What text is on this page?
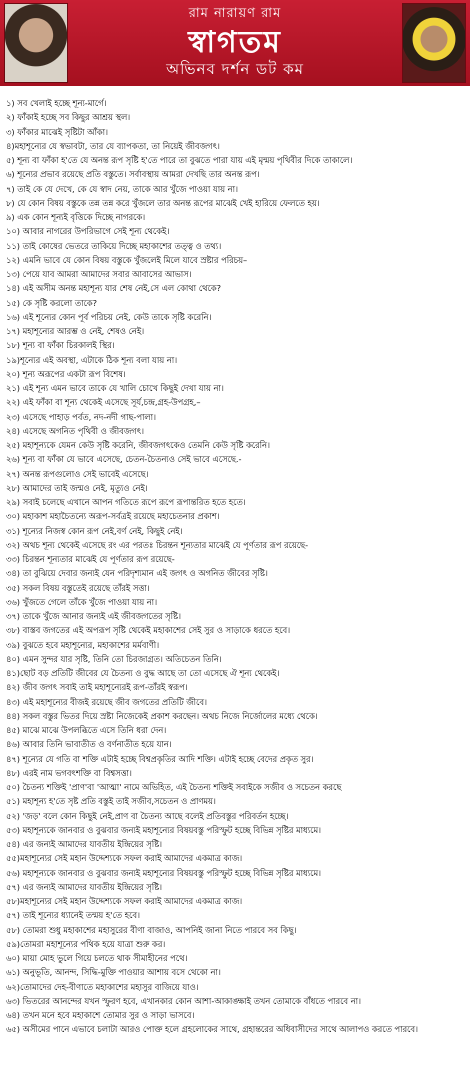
রাম নারায়ণ রাম
স্বাগতম
অভিনব দর্শন ডট কম
১) সব খেলাই হচ্ছে শূন্য-মার্গে।
২) ফাঁকাই হচ্ছে সব কিছুর আশ্রয় স্থল।
৩) ফাঁকার মাঝেই সৃষ্টিটা আঁকা।
৪)মহাশূন্যের যে স্বভাবটা, তার যে ব্যাপকতা, তা নিয়েই জীবজগৎ।
৫) শূন্য বা ফাঁকা হ'তে যে অনন্ত রূপ সৃষ্টি হ'তে পারে তা বুঝতে পারা যায় এই মৃন্ময় পৃথিবীর দিকে তাকালে।
৬) শূন্যের প্রভাব রয়েছে প্রতি বস্তুতে। সর্বাবস্থায় আমরা দেখছি তার অনন্ত রূপ।
৭) তাই কে যে দেখে, কে যে স্বাদ নেয়, তাকে আর খুঁজে পাওয়া যায় না।
৮) যে কোন বিষয় বস্তুকে তন্ন তন্ন করে খুঁজলে তার অনন্ত রূপের মাঝেই খেই হারিয়ে ফেলতে হয়।
৯) এক কোন শূন্যই বৃত্তিকে দিচ্ছে নাগরকে।
১০) আবার নাগরের উপরিভাগে সেই শূন্য থেকেই।
১১) তাই কোষের ভেতরে তাকিয়ে দিচ্ছে মহাকাশের তত্ত্ব ও তথ্য।
১২) এমনি ভাবে যে কোন বিষয় বস্তুকে খুঁজলেই মিলে যাবে স্রষ্টার পরিচয়–
১৩) পেয়ে যাব আমরা আমাদের সবার আবাসের আভাস।
১৪) এই অসীম অনন্ত মহাশূন্য যার শেষ নেই,সে এল কোথা থেকে?
১৫) কে সৃষ্টি করলো তাকে?
১৬) এই শূন্যের কোন পূর্ব পরিচয় নেই, কেউ তাকে সৃষ্টি করেনি।
১৭) মহাশূন্যের আরম্ভ ও নেই, শেষও নেই।
১৮) শূন্য বা ফাঁকা চিরকালই স্থির।
১৯)শূন্যের এই অবস্থা, এটাকে ঠিক শূন্য বলা যায় না।
২০) শূন্য অরূপের একটা রূপ বিশেষ।
২১) এই শূন্য এমন ভাবে তাকে যে খালি চোখে কিছুই দেখা যায় না।
২২) এই ফাঁকা বা শূন্য থেকেই এসেছে সূর্য,চন্দ্র,গ্রহ-উপগ্রহ,–
২৩) এসেছে পাহাড় পর্বত, নদ-নদী গাছ-পালা।
২৪) এসেছে অগনিত পৃথিবী ও জীবজগৎ।
২৫) মহাশূন্যকে যেমন কেউ সৃষ্টি করেনি, জীবজগৎকেও তেমনি কেউ সৃষ্টি করেনি।
২৬) শূন্য বা ফাঁকা যে ভাবে এসেছে, চেতন-চৈতন্যও সেই ভাবে এসেছে.-
২৭) অনন্ত রূপগুলোও সেই ভাবেই এসেছে।
২৮) আমাদের তাই জন্মও নেই, মৃত্যুও নেই।
২৯) সবাই চলেছে এখানে আপন গতিতে রূপে রূপে রূপান্তরিত হতে হতে।
৩০) মহাকাশ মহাচৈতন্যে অরূপ-সর্বত্রই রয়েছে মহাচেতনার প্রকাশ।
৩১) শূন্যের নিজস্ব কোন রূপ নেই,বর্ণ নেই, কিছুই নেই।
৩২) অথচ শূন্য থেকেই এসেছে রং এর পরতঃ চিরন্তন শূন্যতার মাঝেই যে পূর্ণতার রূপ রয়েছে-
৩৩) চিরন্তন শূন্যতার মাঝেই যে পূর্ণতার রূপ রয়েছে-
৩৪) তা বুঝিয়ে দেবার জন্যই যেন পরিদৃশ্যমান এই জগৎ ও অগনিত জীবের সৃষ্টি।
৩৫) সকল বিষয় বস্তুতেই রয়েছে তাঁরই সত্তা।
৩৬) খুঁজতে গেলে তাঁকে খুঁজে পাওয়া যায় না।
৩৭) তাকে খুঁজে আনার জন্যই এই জীবজগতের সৃষ্টি।
৩৮) বাস্তব জগতের এই অপরূপ সৃষ্টি থেকেই মহাকাশের সেই সুর ও সাড়াকে ধরতে হবে।
৩৯) বুঝতে হবে মহাশূন্যের, মহাকাশের মর্মবাণী।
৪০) এমন সুন্দর যার সৃষ্টি, তিনি তো চিরজাগ্রত। অতিচেতন তিনি।
৪১)ছোট বড় প্রতিটি জীবের যে চৈতন্য ও বুদ্ধ আছে তা তো এসেছে ঐ শূন্য থেকেই।
৪২) জীব জগৎ সবাই তাই মহাশূন্যেরই রূপ-তাঁরই স্বরূপ।
৪৩) এই মহাশূন্যের বীজই রয়েছে জীব জগতের প্রতিটি জীবে।
৪৪) সকল বস্তুর ভিতর দিয়ে স্রষ্টা নিজেকেই প্রকাশ করছেন। অথচ নিজে নির্জোলের মধ্যে থেকে।
৪৫) মাঝে মাঝে উপলব্ধিতে এসে তিনি ধরা দেন।
৪৬) আবার তিনি ভাবাতীত ও বর্ণনাতীত হয়ে যান।
৪৭) শূন্যের যে গতি বা শক্তি এটাই হচ্ছে বিশ্বপ্রকৃতির আদি শক্তি। এটাই হচ্ছে বেদের প্রকৃত সুর।
৪৮) এরই নাম ভগবৎশক্তি বা বিশ্বসত্তা।
৫০) চৈতন্য শক্তিই 'প্রাণ'বা 'আত্মা' নামে অভিহিত, এই চৈতন্য শক্তিই সবাইকে সজীব ও সচেতন করছে
৫১) মহাশূন্য হ'তে সৃষ্ট প্রতি বস্তুই তাই সজীব,সচেতন ও প্রাণময়।
৫২) 'জড়' বলে কোন কিছুই নেই,প্রাণ বা চৈতন্য আছে বলেই প্রতিবস্তুর পরিবর্তন হচ্ছে।
৫৩) মহাশূন্যকে জানবার ও বুঝবার জন্যই মহাশূন্যের বিষয়বস্তু পরিস্ফুট হচ্ছে বিভিন্ন সৃষ্টির মাধ্যমে।
৫৪) এর জন্যই আমাদের যাবতীয় ইন্দ্রিয়ের সৃষ্টি।
৫৫)মহাশূন্যের সেই মহান উদ্দেশ্যকে সফল করাই আমাদের একমাত্র কাজ।
৫৬) মহাশূন্যকে জানবার ও বুঝবার জন্যই মহাশূন্যের বিষয়বস্তু পরিস্ফুট হচ্ছে বিভিন্ন সৃষ্টির মাধ্যমে।
৫৭) এর জন্যই আমাদের যাবতীয় ইন্দ্রিয়ের সৃষ্টি।
৫৮)মহাশূন্যের সেই মহান উদ্দেশ্যকে সফল করাই আমাদের একমাত্র কাজ।
৫৭) তাই শূন্যের ধ্যানেই তন্ময় হ'তে হবে।
৫৮) তোমরা শুধু মহাকাশের মহাসুরের বীণা বাজাও, আপনিই জানা নিতে পারবে সব কিছু।
৫৯)তোমরা মহাশূন্যের পথিক হয়ে যাত্রা শুরু কর।
৬০) মায়া মোহ ভুলে গিয়ে চলতে থাক সীমাহীনের পথে।
৬১) অনুভূতি, আনন্দ, সিদ্ধি-মুক্তি পাওয়ার আশায় বসে থেকো না।
৬২)তোমাদের দেহ-বীণাতে মহাকাশের মহাসুর বাজিয়ে যাও।
৬৩) ভিতরের আনন্দের যখন স্ফুরণ হবে, এখানকার কোন আশা-আকাঙ্ক্ষাই তখন তোমাকে বাঁধতে পারবে না।
৬৪) তখন মনে হবে মহাকাশে তোমার সুর ও সাড়া ভাসবে।
৬৫) অসীমের পানে এভাবে চলাটা আরও পোক্ত হলে গ্রহলোকের সাথে, গ্রহান্তরের অধিবাসীদের সাথে আলাপও করতে পারবে।
